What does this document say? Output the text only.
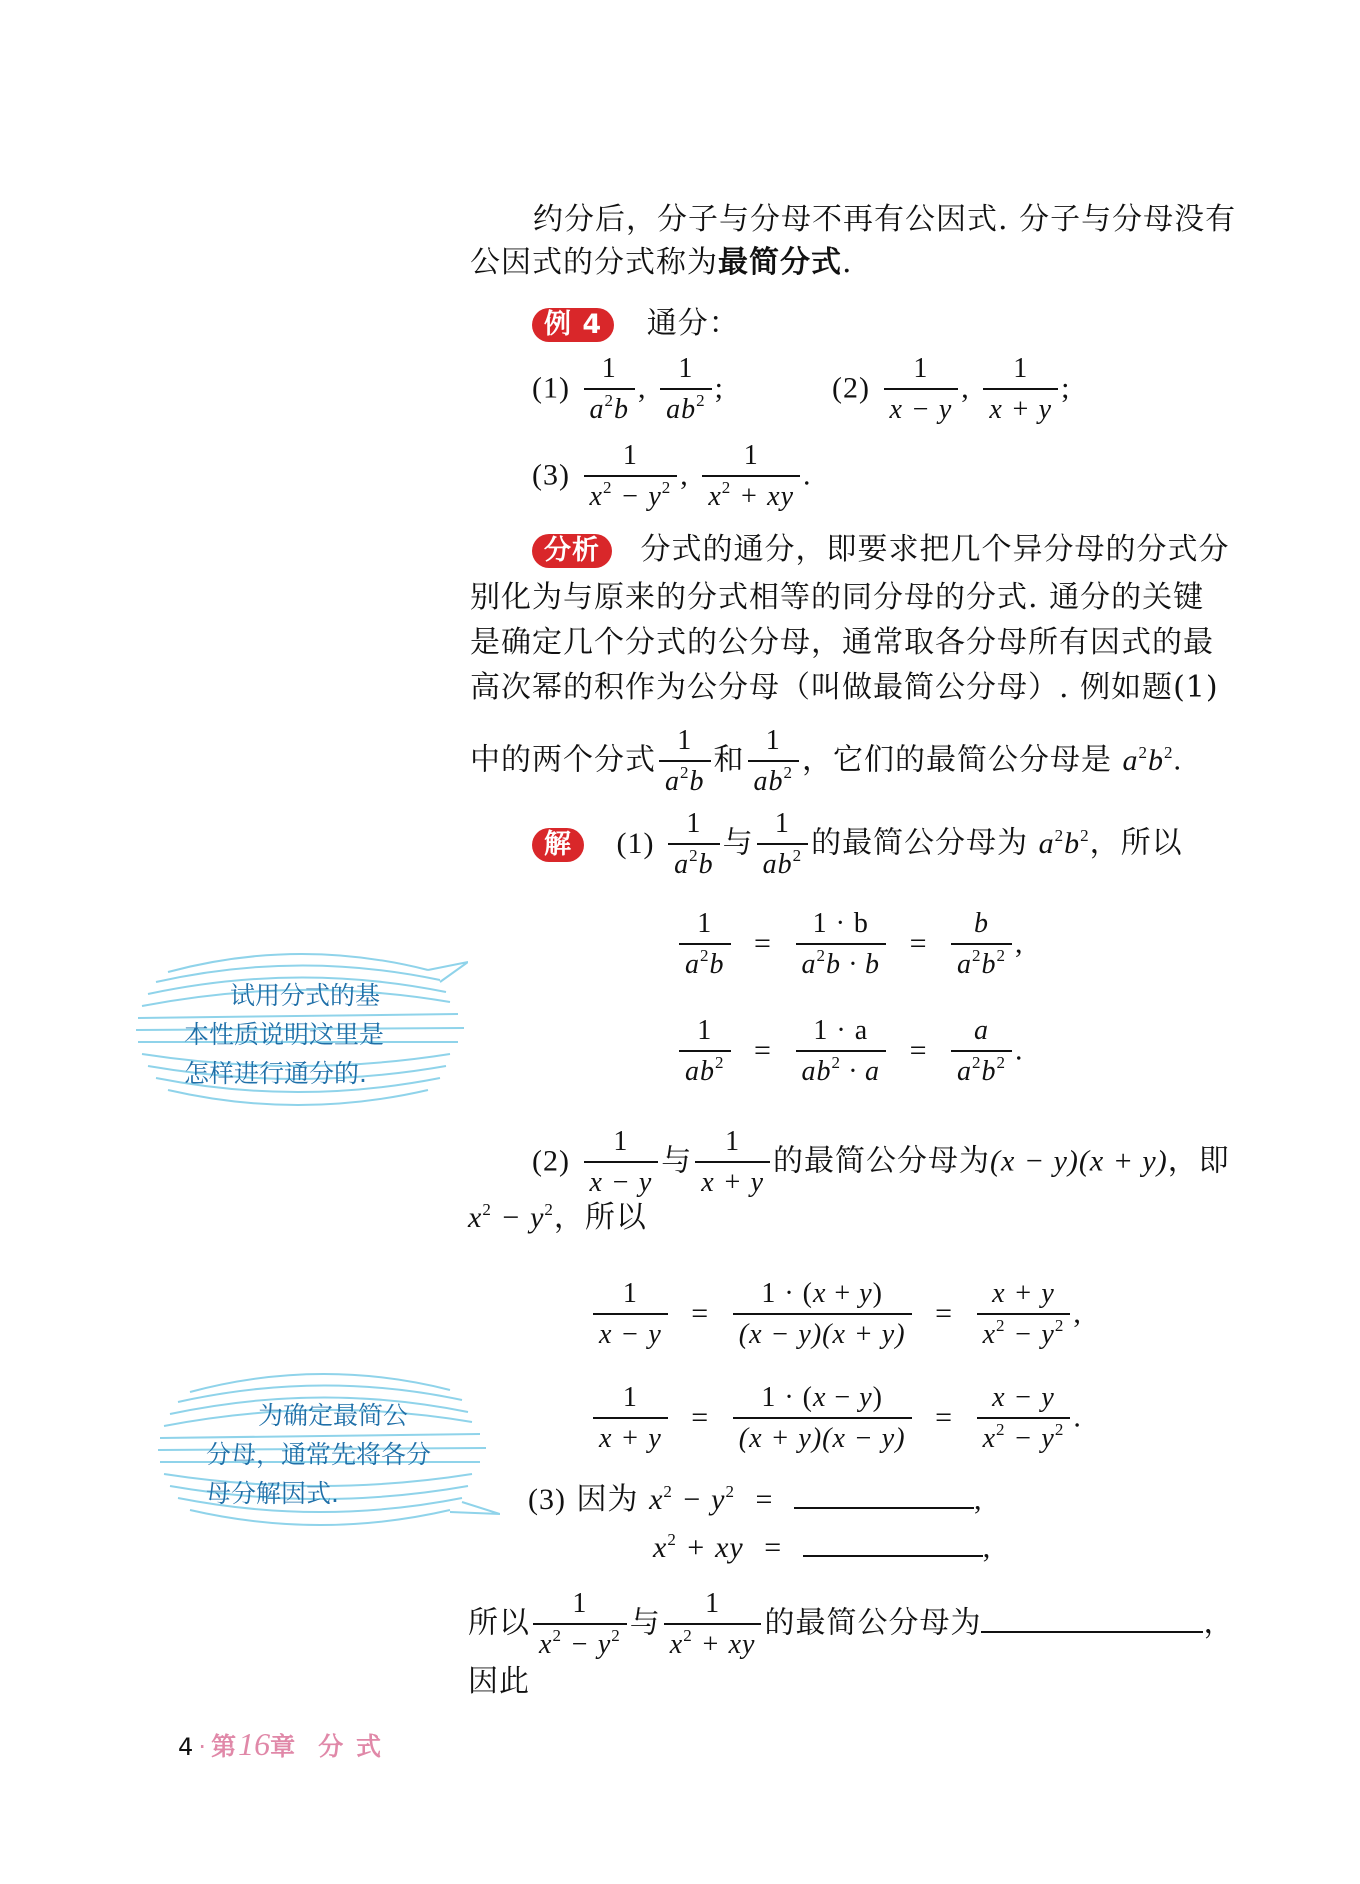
约分后，分子与分母不再有公因式. 分子与分母没有
公因式的分式称为最简分式.
例 4 通分：
$(1) \frac{1}{a^2b}$ , $\frac{1}{ab^2}$ ;	$(2) \frac{1}{x - y}$ , $\frac{1}{x + y}$ ;
$(3) \frac{1}{x^2 - y^2}$ , $\frac{1}{x^2 + xy}$ .
分析 分式的通分，即要求把几个异分母的分式分
别化为与原来的分式相等的同分母的分式. 通分的关键
是确定几个分式的公分母，通常取各分母所有因式的最
高次幂的积作为公分母（叫做最简公分母）. 例如题(1)
中的两个分式 $\frac{1}{a^2b}$ 和 $\frac{1}{ab^2}$ ，它们的最简公分母是 $a^2b^2$.
解 $(1) \frac{1}{a^2b}$ 与 $\frac{1}{ab^2}$ 的最简公分母为 $a^2b^2$，所以
$\frac{1}{a^2b} = \frac{1 \cdot b}{a^2b \cdot b} = \frac{b}{a^2b^2}$ ,
$\frac{1}{ab^2} = \frac{1 \cdot a}{ab^2 \cdot a} = \frac{a}{a^2b^2}$ .
$(2) \frac{1}{x - y}$ 与 $\frac{1}{x + y}$ 的最简公分母为(x − y)(x + y)，即
$x^2 - y^2$，所以
$\frac{1}{x - y} = \frac{1 \cdot (x + y)}{(x - y)(x + y)} = \frac{x + y}{x^2 - y^2}$ ,
$\frac{1}{x + y} = \frac{1 \cdot (x - y)}{(x + y)(x - y)} = \frac{x - y}{x^2 - y^2}$ .
(3) 因为 $x^2 - y^2$ =	,
$x^2$ + xy =	,
所以 $\frac{1}{x^2 - y^2}$ 与 $\frac{1}{x^2 + xy}$ 的最简公分母为	，
因此
试用分式的基
本性质说明这里是
怎样进行通分的.
为确定最简公
分母，通常先将各分
母分解因式.
4 · 第16章 分 式
